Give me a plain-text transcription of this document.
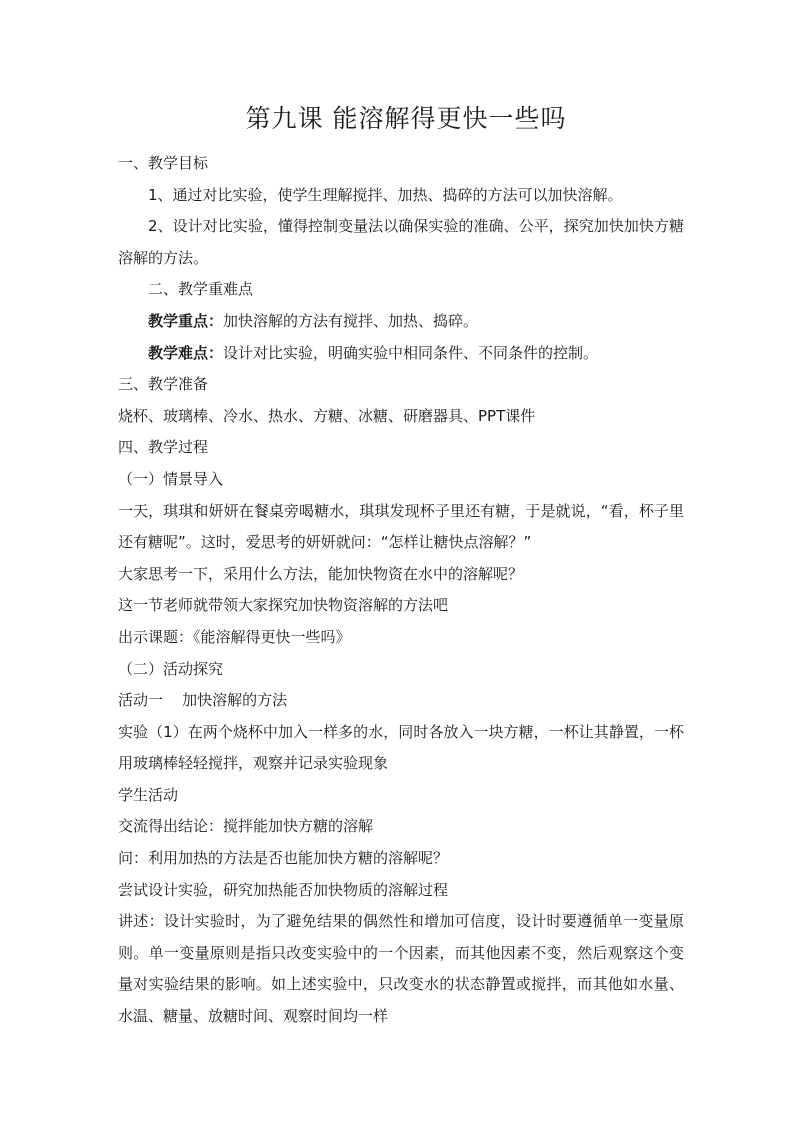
第九课 能溶解得更快一些吗

一、教学目标

1、通过对比实验，使学生理解搅拌、加热、捣碎的方法可以加快溶解。

2、设计对比实验，懂得控制变量法以确保实验的准确、公平，探究加快加快方糖溶解的方法。

二、教学重难点

教学重点：加快溶解的方法有搅拌、加热、捣碎。

教学难点：设计对比实验，明确实验中相同条件、不同条件的控制。

三、教学准备

烧杯、玻璃棒、冷水、热水、方糖、冰糖、研磨器具、PPT课件

四、教学过程

（一）情景导入

一天，琪琪和妍妍在餐桌旁喝糖水，琪琪发现杯子里还有糖，于是就说，“看，杯子里还有糖呢”。这时，爱思考的妍妍就问：“怎样让糖快点溶解？”

大家思考一下，采用什么方法，能加快物资在水中的溶解呢？

这一节老师就带领大家探究加快物资溶解的方法吧

出示课题：《能溶解得更快一些吗》

（二）活动探究

活动一    加快溶解的方法

实验（1）在两个烧杯中加入一样多的水，同时各放入一块方糖，一杯让其静置，一杯用玻璃棒轻轻搅拌，观察并记录实验现象

学生活动

交流得出结论：搅拌能加快方糖的溶解

问：利用加热的方法是否也能加快方糖的溶解呢？

尝试设计实验，研究加热能否加快物质的溶解过程

讲述：设计实验时，为了避免结果的偶然性和增加可信度，设计时要遵循单一变量原则。单一变量原则是指只改变实验中的一个因素，而其他因素不变，然后观察这个变量对实验结果的影响。如上述实验中，只改变水的状态静置或搅拌，而其他如水量、水温、糖量、放糖时间、观察时间均一样
